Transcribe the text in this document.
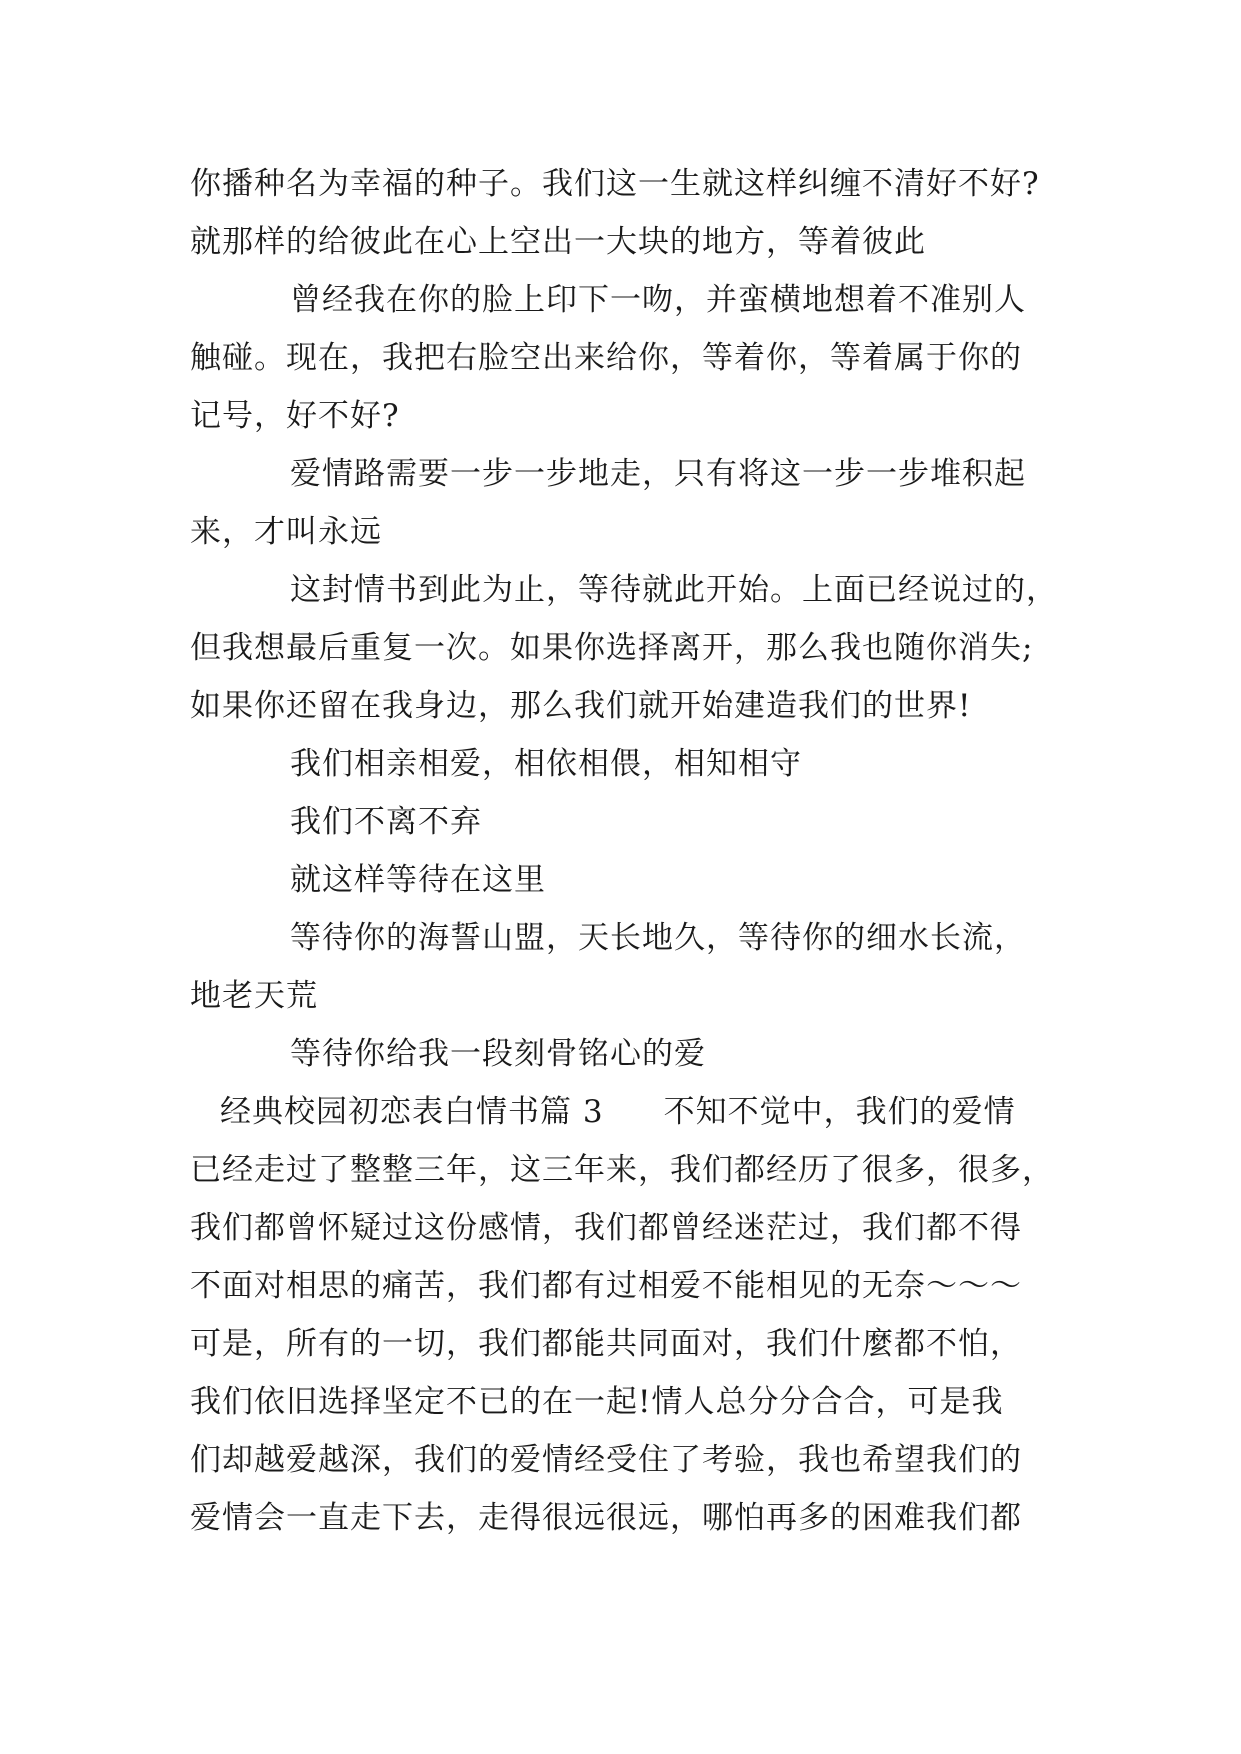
你播种名为幸福的种子。我们这一生就这样纠缠不清好不好?
就那样的给彼此在心上空出一大块的地方，等着彼此
曾经我在你的脸上印下一吻，并蛮横地想着不准别人
触碰。现在，我把右脸空出来给你，等着你，等着属于你的
记号，好不好?
爱情路需要一步一步地走，只有将这一步一步堆积起
来，才叫永远
这封情书到此为止，等待就此开始。上面已经说过的，
但我想最后重复一次。如果你选择离开，那么我也随你消失;
如果你还留在我身边，那么我们就开始建造我们的世界!
我们相亲相爱，相依相偎，相知相守
我们不离不弃
就这样等待在这里
等待你的海誓山盟，天长地久，等待你的细水长流，
地老天荒
等待你给我一段刻骨铭心的爱
经典校园初恋表白情书篇 3 不知不觉中，我们的爱情
已经走过了整整三年，这三年来，我们都经历了很多，很多，
我们都曾怀疑过这份感情，我们都曾经迷茫过，我们都不得
不面对相思的痛苦，我们都有过相爱不能相见的无奈～～～
可是，所有的一切，我们都能共同面对，我们什麼都不怕，
我们依旧选择坚定不已的在一起!情人总分分合合，可是我
们却越爱越深，我们的爱情经受住了考验，我也希望我们的
爱情会一直走下去，走得很远很远，哪怕再多的困难我们都
